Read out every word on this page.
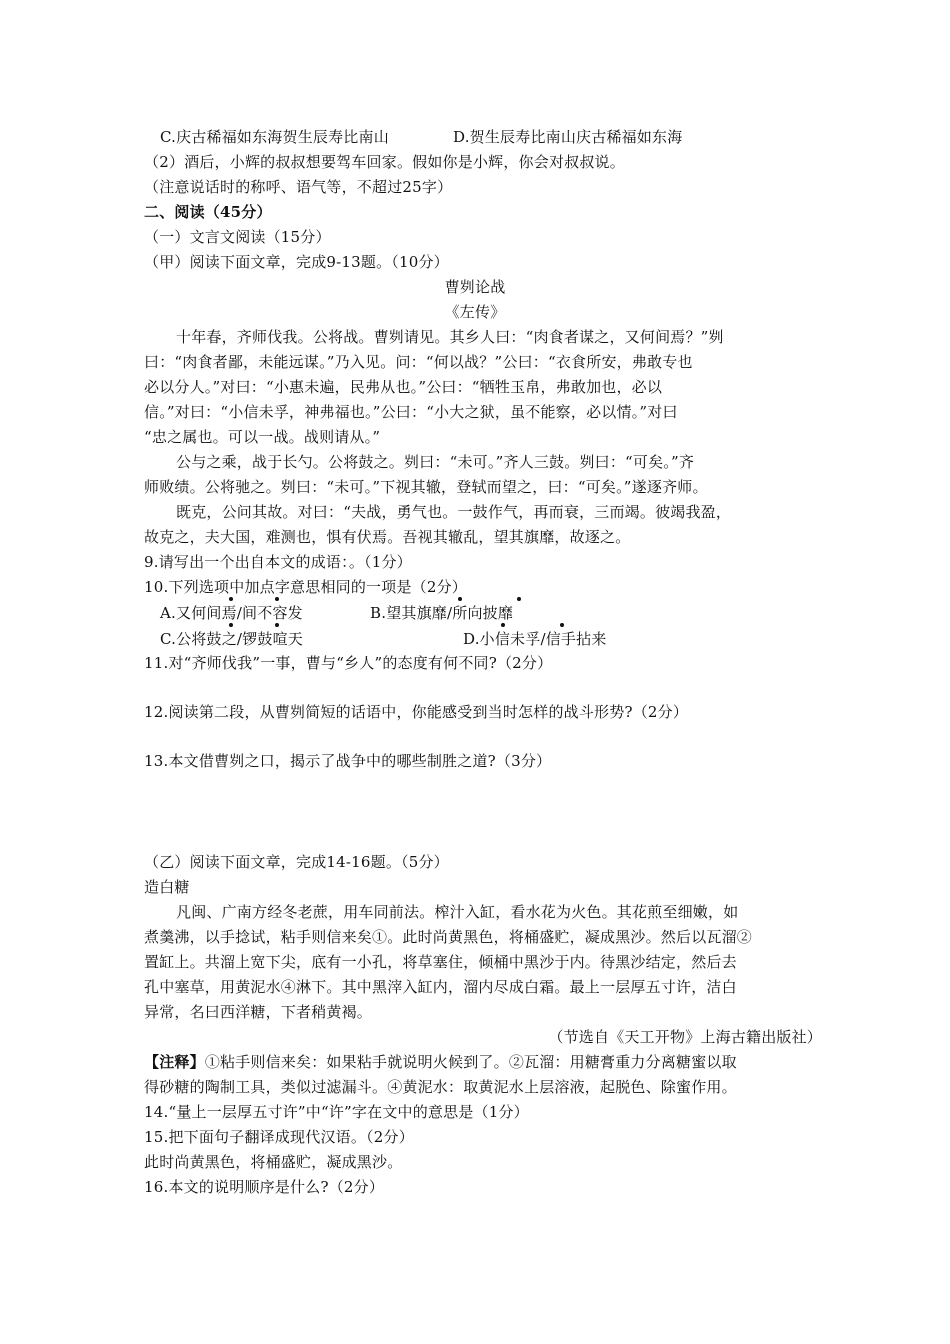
C.庆古稀福如东海贺生辰寿比南山	D.贺生辰寿比南山庆古稀福如东海
（2）酒后，小辉的叔叔想要驾车回家。假如你是小辉，你会对叔叔说。
（注意说话时的称呼、语气等，不超过25字）
二、阅读（45分）
（一）文言文阅读（15分）
（甲）阅读下面文章，完成9-13题。（10分）
曹刿论战
《左传》
十年春，齐师伐我。公将战。曹刿请见。其乡人曰：“肉食者谋之，又何间焉？”刿
曰：“肉食者鄙，未能远谋。”乃入见。问：“何以战？”公曰：“衣食所安，弗敢专也
必以分人。”对曰：“小惠未遍，民弗从也。”公曰：“牺牲玉帛，弗敢加也，必以
信。”对曰：“小信未孚，神弗福也。”公曰：“小大之狱，虽不能察，必以情。”对曰
“忠之属也。可以一战。战则请从。”
公与之乘，战于长勺。公将鼓之。刿曰：“未可。”齐人三鼓。刿曰：“可矣。”齐
师败绩。公将驰之。刿曰：“未可。”下视其辙，登轼而望之，曰：“可矣。”遂逐齐师。
既克，公问其故。对曰：“夫战，勇气也。一鼓作气，再而衰，三而竭。彼竭我盈，
故克之，夫大国，难测也，惧有伏焉。吾视其辙乱，望其旗靡，故逐之。
9.请写出一个出自本文的成语：。（1分）
10.下列选项中加点字意思相同的一项是（2分）
A.又何间焉/间不容发	B.望其旗靡/所向披靡
C.公将鼓之/锣鼓喧天	D.小信未孚/信手拈来
11.对“齐师伐我”一事，曹与“乡人”的态度有何不同?（2分）
12.阅读第二段，从曹刿简短的话语中，你能感受到当时怎样的战斗形势?（2分）
13.本文借曹刿之口，揭示了战争中的哪些制胜之道?（3分）
（乙）阅读下面文章，完成14-16题。（5分）
造白糖
凡闽、广南方经冬老蔗，用车同前法。榨汁入缸，看水花为火色。其花煎至细嫩，如
煮羹沸，以手捻试，粘手则信来矣①。此时尚黄黑色，将桶盛贮，凝成黑沙。然后以瓦溜②
置缸上。共溜上宽下尖，底有一小孔，将草塞住，倾桶中黑沙于内。待黑沙结定，然后去
孔中塞草，用黄泥水④淋下。其中黑滓入缸内，溜内尽成白霜。最上一层厚五寸许，洁白
异常，名曰西洋糖，下者稍黄褐。
（节选自《天工开物》上海古籍出版社）
【注释】①粘手则信来矣：如果粘手就说明火候到了。②瓦溜：用糖膏重力分离糖蜜以取
得砂糖的陶制工具，类似过滤漏斗。④黄泥水：取黄泥水上层溶液，起脱色、除蜜作用。
14.“量上一层厚五寸许”中“许”字在文中的意思是（1分）
15.把下面句子翻译成现代汉语。（2分）
此时尚黄黑色，将桶盛贮，凝成黑沙。
16.本文的说明顺序是什么?（2分）
